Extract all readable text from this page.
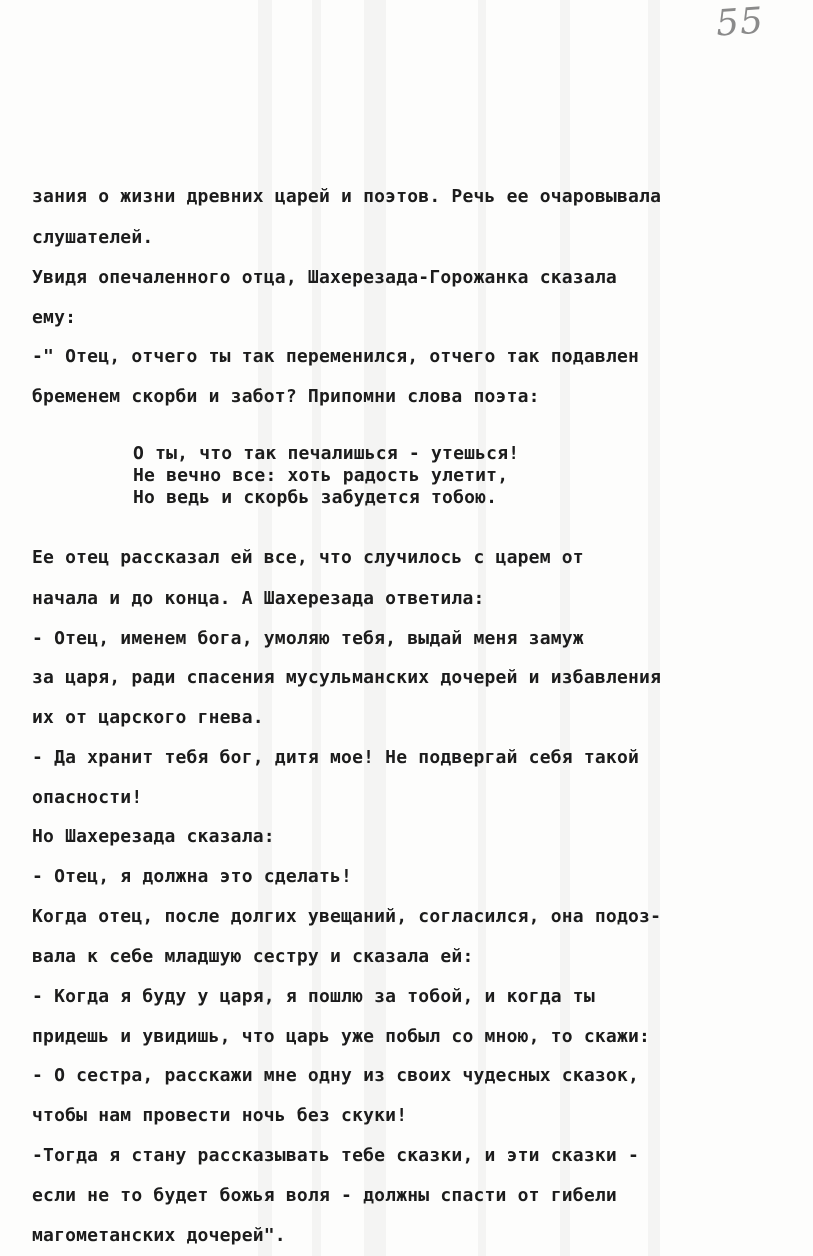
55
зания о жизни древних царей и поэтов. Речь ее очаровывала
слушателей.
Увидя опечаленного отца, Шахерезада-Горожанка сказала
ему:
-" Отец, отчего ты так переменился, отчего так подавлен
бременем скорби и забот? Припомни слова поэта:
Ее отец рассказал ей все, что случилось с царем от
начала и до конца. А Шахерезада ответила:
- Отец, именем бога, умоляю тебя, выдай меня замуж
за царя, ради спасения мусульманских дочерей и избавления
их от царского гнева.
- Да хранит тебя бог, дитя мое! Не подвергай себя такой
опасности!
Но Шахерезада сказала:
- Отец, я должна это сделать!
Когда отец, после долгих увещаний, согласился, она подоз-
вала к себе младшую сестру и сказала ей:
- Когда я буду у царя, я пошлю за тобой, и когда ты
придешь и увидишь, что царь уже побыл со мною, то скажи:
- О сестра, расскажи мне одну из своих чудесных сказок,
чтобы нам провести ночь без скуки!
-Тогда я стану рассказывать тебе сказки, и эти сказки -
если не то будет божья воля - должны спасти от гибели
магометанских дочерей".
О ты, что так печалишься - утешься!
Не вечно все: хоть радость улетит,
Но ведь и скорбь забудется тобою.
